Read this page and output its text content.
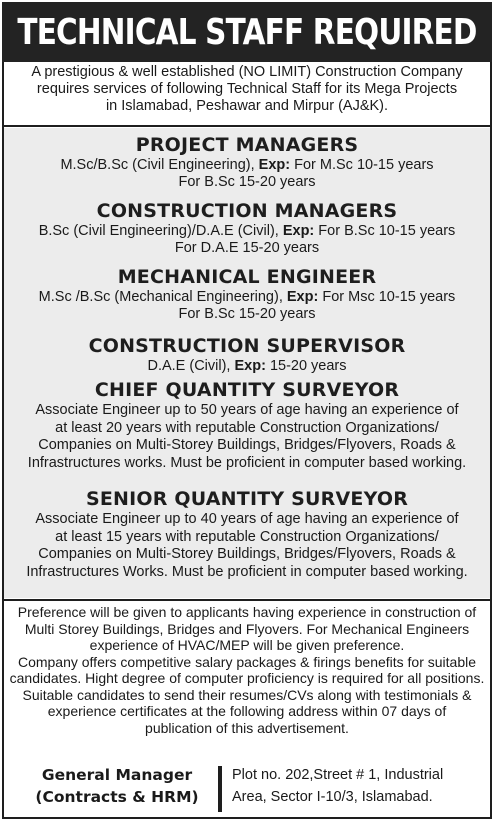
TECHNICAL STAFF REQUIRED
A prestigious & well established (NO LIMIT) Construction Company
requires services of following Technical Staff for its Mega Projects
in Islamabad, Peshawar and Mirpur (AJ&K).
PROJECT MANAGERS

M.Sc/B.Sc (Civil Engineering), Exp: For M.Sc 10-15 years

For B.Sc 15-20 years

CONSTRUCTION MANAGERS

B.Sc (Civil Engineering)/D.A.E (Civil), Exp: For B.Sc 10-15 years

For D.A.E 15-20 years

MECHANICAL ENGINEER

M.Sc /B.Sc (Mechanical Engineering), Exp: For Msc 10-15 years

For B.Sc 15-20 years

CONSTRUCTION SUPERVISOR

D.A.E (Civil), Exp: 15-20 years

CHIEF QUANTITY SURVEYOR

Associate Engineer up to 50 years of age having an experience of

at least 20 years with reputable Construction Organizations/

Companies on Multi-Storey Buildings, Bridges/Flyovers, Roads &

Infrastructures works. Must be proficient in computer based working.

SENIOR QUANTITY SURVEYOR

Associate Engineer up to 40 years of age having an experience of

at least 15 years with reputable Construction Organizations/

Companies on Multi-Storey Buildings, Bridges/Flyovers, Roads &

Infrastructures Works. Must be proficient in computer based working.

Preference will be given to applicants having experience in construction of

Multi Storey Buildings, Bridges and Flyovers. For Mechanical Engineers

experience of HVAC/MEP will be given preference.

Company offers competitive salary packages & firings benefits for suitable

candidates. Hight degree of computer proficiency is required for all positions.

Suitable candidates to send their resumes/CVs along with testimonials &

experience certificates at the following address within 07 days of

publication of this advertisement.

General Manager
(Contracts & HRM)
Plot no. 202,Street # 1, Industrial
Area, Sector I-10/3, Islamabad.
